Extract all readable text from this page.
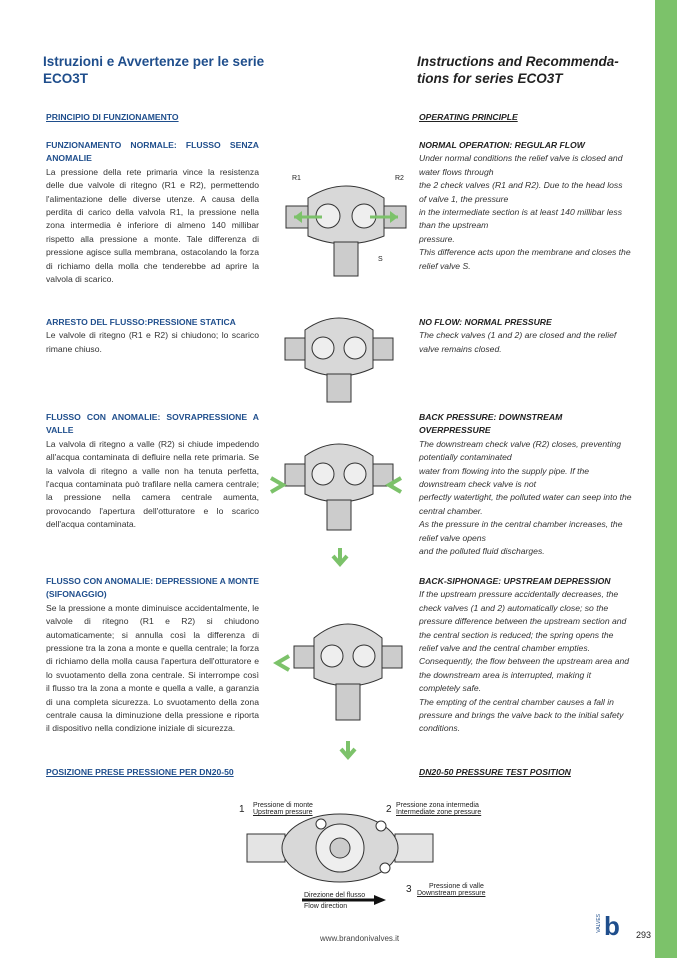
Istruzioni e Avvertenze per le serie ECO3T
Instructions and Recommenda-tions for series ECO3T
PRINCIPIO DI FUNZIONAMENTO
FUNZIONAMENTO NORMALE: FLUSSO SENZA ANOMALIE
La pressione della rete primaria vince la resistenza delle due valvole di ritegno (R1 e R2), permettendo l'alimentazione delle diverse utenze. A causa della perdita di carico della valvola R1, la pressione nella zona intermedia è inferiore di almeno 140 millibar rispetto alla pressione a monte. Tale differenza di pressione agisce sulla membrana, ostacolando la forza di richiamo della molla che tenderebbe ad aprire la valvola di scarico.
ARRESTO DEL FLUSSO:PRESSIONE STATICA
Le valvole di ritegno (R1 e R2) si chiudono; lo scarico rimane chiuso.
FLUSSO CON ANOMALIE: SOVRAPRESSIONE A VALLE
La valvola di ritegno a valle (R2) si chiude impedendo all'acqua contaminata di defluire nella rete primaria. Se la valvola di ritegno a valle non ha tenuta perfetta, l'acqua contaminata può trafilare nella camera centrale; la pressione nella camera centrale aumenta, provocando l'apertura dell'otturatore e lo scarico dell'acqua contaminata.
FLUSSO CON ANOMALIE: DEPRESSIONE A MONTE (SIFONAGGIO)
Se la pressione a monte diminuisce accidentalmente, le valvole di ritegno (R1 e R2) si chiudono automaticamente; si annulla così la differenza di pressione tra la zona a monte e quella centrale; la forza di richiamo della molla causa l'apertura dell'otturatore e lo svuotamento della zona centrale. Si interrompe così il flusso tra la zona a monte e quella a valle, a garanzia di una completa sicurezza. Lo svuotamento della zona centrale causa la diminuzione della pressione e riporta il dispositivo nella condizione iniziale di sicurezza.
POSIZIONE PRESE PRESSIONE PER DN20-50
OPERATING PRINCIPLE
NORMAL OPERATION: REGULAR FLOW
Under normal conditions the relief valve is closed and water flows through
the 2 check valves (R1 and R2). Due to the head loss of valve 1, the pressure
in the intermediate section is at least 140 millibar less than the upstream
pressure.
This difference acts upon the membrane and closes the relief valve S.
NO FLOW: NORMAL PRESSURE
The check valves (1 and 2) are closed and the relief valve remains closed.
BACK PRESSURE: DOWNSTREAM OVERPRESSURE
The downstream check valve (R2) closes, preventing potentially contaminated
water from flowing into the supply pipe. If the downstream check valve is not
perfectly watertight, the polluted water can seep into the central chamber.
As the pressure in the central chamber increases, the relief valve opens
and the polluted fluid discharges.
BACK-SIPHONAGE: UPSTREAM DEPRESSION
If the upstream pressure accidentally decreases, the check valves (1 and 2) automatically close; so the pressure difference between the upstream section and the central section is reduced; the spring opens the relief valve and the central chamber empties.
Consequently, the flow between the upstream area and the downstream area is interrupted, making it completely safe.
The empting of the central chamber causes a fall in pressure and brings the valve back to the initial safety conditions.
DN20-50 PRESSURE TEST POSITION
R1	R2
S
1 Pressione di monte
Upstream pressure	2 Pressione zona intermedia
Intermediate zone pressure
3 Pressione di valle
Downstream pressure
Direzione del flusso
Flow direction
www.brandonivalves.it
VALVES b 293
